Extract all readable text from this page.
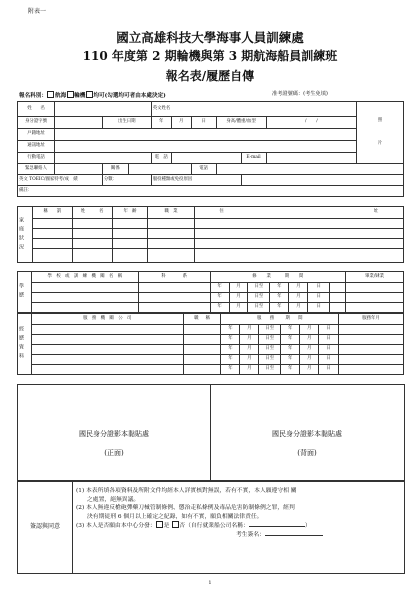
附表一
國立高雄科技大學海事人員訓練處
110 年度第 2 期輪機與第 3 期航海船員訓練班
報名表/履歷自傳
報名科別： 航海 輪機 均可(勾選均可者由本處決定)	准考證號碼：(考生免填)
姓　　名				英文姓名						照
片

身分證字號		出生日期		年	月	日	身高/體重/血型		/ /	
戶籍地址										
通訊地址										
行動電話				電　話				E-mail		
緊急聯絡人		關係				電話				
英文 TOEIC/國家特考/成　績		分數：		服役種類或免役原因						
備註：										
家庭狀況	稱　　謂	姓 名	年 齡	職 業	住 址

學歷	學　校　或　訓　練　機　關　名　稱	科 系	修 業 期 間							畢業/肄業
			年	月	日至	年	月	日		
			年	月	日至	年	月	日		
			年	月	日至	年	月	日		
經歷資料	服　務　機　關　公　司	職 稱	服 務 期 間						服務年月
			年	月	日至	年	月	日	
			年	月	日至	年	月	日	
			年	月	日至	年	月	日	
			年	月	日至	年	月	日	
			年	月	日至	年	月	日	
國民身分證影本黏貼處
(正面)
國民身分證影本黏貼處
(背面)
簽認與同意
(1) 本表所填各項資料及所附文件均經本人詳實核對無誤，若有不實，本人願遵守相 關
之處置，絕無異議。
(2) 本人無違反槍砲彈藥刀械管制條例、懲治走私條例及毒品危害防制條例之罪，經判
決有期徒刑 6 個月以上確定之紀錄，如有不實，願負相關法律責任。
(3) 本人是否願由本中心分發： 是 否（自行就業船公司名稱：	）
考生簽名：
1
